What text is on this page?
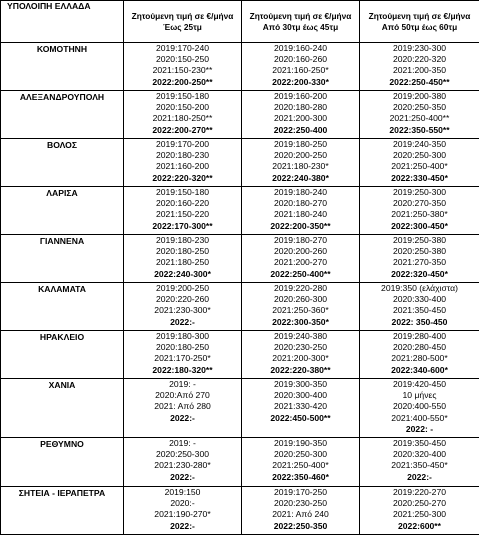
ΥΠΟΛΟΙΠΗ ΕΛΛΑΔΑ	Ζητούμενη τιμή σε €/μήνα Έως 25τμ	Ζητούμενη τιμή σε €/μήνα Από 30τμ έως 45τμ	Ζητούμενη τιμή σε €/μήνα Από 50τμ έως 60τμ
ΚΟΜΟΤΗΝΗ	2019:170-240
2020:150-250
2021:150-230**
2022:200-250**	2019:160-240
2020:160-260
2021:160-250*
2022:200-330*	2019:230-300
2020:220-320
2021:200-350
2022:250-450**

ΑΛΕΞΑΝΔΡΟΥΠΟΛΗ	2019:150-180
2020:150-200
2021:180-250**
2022:200-270**	2019:160-200
2020:180-280
2021:200-300
2022:250-400	2019:200-380
2020:250-350
2021:250-400**
2022:350-550**

ΒΟΛΟΣ	2019:170-200
2020:180-230
2021:160-200
2022:220-320**	2019:180-250
2020:200-250
2021:180-230*
2022:240-380*	2019:240-350
2020:250-300
2021:250-400*
2022:330-450*

ΛΑΡΙΣΑ	2019:150-180
2020:160-220
2021:150-220
2022:170-300**	2019:180-240
2020:180-270
2021:180-240
2022:200-350**	2019:250-300
2020:270-350
2021:250-380*
2022:300-450*

ΓΙΑΝΝΕΝΑ	2019:180-230
2020:180-250
2021:180-250
2022:240-300*	2019:180-270
2020:200-260
2021:200-270
2022:250-400**	2019:250-380
2020:250-380
2021:270-350
2022:320-450*

ΚΑΛΑΜΑΤΑ	2019:200-250
2020:220-260
2021:230-300*
2022:-	2019:220-280
2020:260-300
2021:250-360*
2022:300-350*	2019:350 (ελάχιστα)
2020:330-400
2021:350-450
2022: 350-450

ΗΡΑΚΛΕΙΟ	2019:180-300
2020:180-250
2021:170-250*
2022:180-320**	2019:240-380
2020:230-250
2021:200-300*
2022:220-380**	2019:280-400
2020:280-450
2021:280-500*
2022:340-600*

ΧΑΝΙΑ	2019: -
2020:Από 270
2021: Από 280
2022:-	2019:300-350
2020:300-400
2021:330-420
2022:450-500**	2019:420-450
10 μήνες
2020:400-550
2021:400-550*
2022: -

ΡΕΘΥΜΝΟ	2019: -
2020:250-300
2021:230-280*
2022:-	2019:190-350
2020:250-300
2021:250-400*
2022:350-460*	2019:350-450
2020:320-400
2021:350-450*
2022:-

ΣΗΤΕΙΑ - ΙΕΡΑΠΕΤΡΑ	2019:150
2020:-
2021:190-270*
2022:-	2019:170-250
2020:230-250
2021: Από 240
2022:250-350	2019:220-270
2020:250-270
2021:250-300
2022:600**
